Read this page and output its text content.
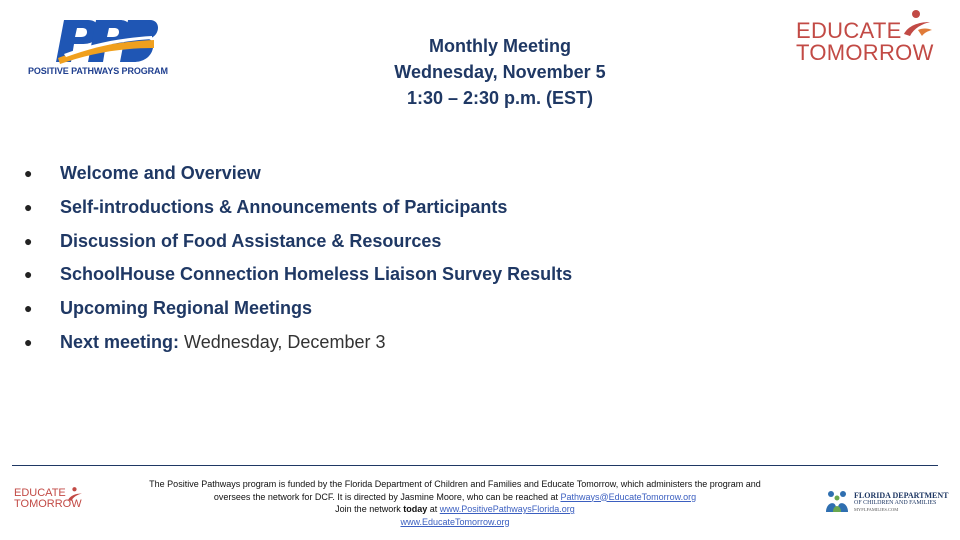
POSITIVE PATHWAYS PROGRAM
Monthly Meeting
Wednesday, November 5
1:30 – 2:30 p.m. (EST)
EDUCATE
TOMORROW
●	Welcome and Overview
●	Self-introductions & Announcements of Participants
●	Discussion of Food Assistance & Resources
●	SchoolHouse Connection Homeless Liaison Survey Results
●	Upcoming Regional Meetings
●	Next meeting: Wednesday, December 3
EDUCATE
TOMORROW
The Positive Pathways program is funded by the Florida Department of Children and Families and Educate Tomorrow, which administers the program and
oversees the network for DCF. It is directed by Jasmine Moore, who can be reached at Pathways@EducateTomorrow.org
Join the network today at www.PositivePathwaysFlorida.org
www.EducateTomorrow.org
FLORIDA DEPARTMENT
OF CHILDREN AND FAMILIES
MYFLFAMILIES.COM
